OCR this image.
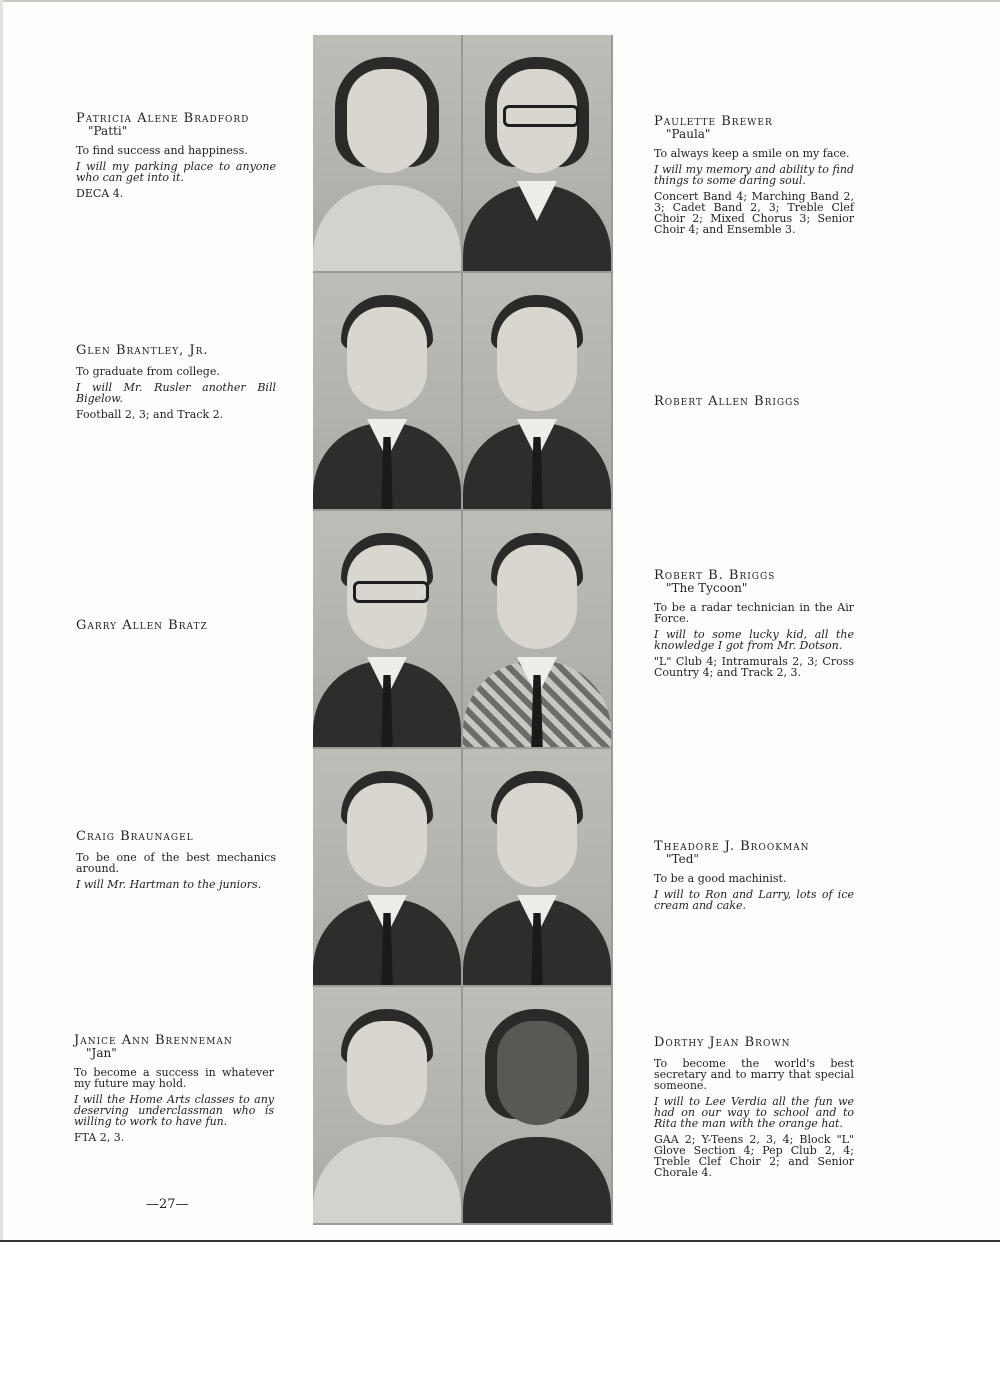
Patricia Alene Bradford
"Patti"
To find success and happiness.
I will my parking place to anyone who can get into it.
DECA 4.
Glen Brantley, Jr.
To graduate from college.
I will Mr. Rusler another Bill Bigelow.
Football 2, 3; and Track 2.
Garry Allen Bratz
Craig Braunagel
To be one of the best mechanics around.
I will Mr. Hartman to the juniors.
Janice Ann Brenneman
"Jan"
To become a success in whatever my future may hold.
I will the Home Arts classes to any deserving underclassman who is willing to work to have fun.
FTA 2, 3.
Paulette Brewer
"Paula"
To always keep a smile on my face.
I will my memory and ability to find things to some daring soul.
Concert Band 4; Marching Band 2, 3; Cadet Band 2, 3; Treble Clef Choir 2; Mixed Chorus 3; Senior Choir 4; and Ensemble 3.
Robert Allen Briggs
Robert B. Briggs
"The Tycoon"
To be a radar technician in the Air Force.
I will to some lucky kid, all the knowledge I got from Mr. Dotson.
"L" Club 4; Intramurals 2, 3; Cross Country 4; and Track 2, 3.
Theadore J. Brookman
"Ted"
To be a good machinist.
I will to Ron and Larry, lots of ice cream and cake.
Dorthy Jean Brown
To become the world's best secretary and to marry that special someone.
I will to Lee Verdia all the fun we had on our way to school and to Rita the man with the orange hat.
GAA 2; Y-Teens 2, 3, 4; Block "L" Glove Section 4; Pep Club 2, 4; Treble Clef Choir 2; and Senior Chorale 4.
—27—
